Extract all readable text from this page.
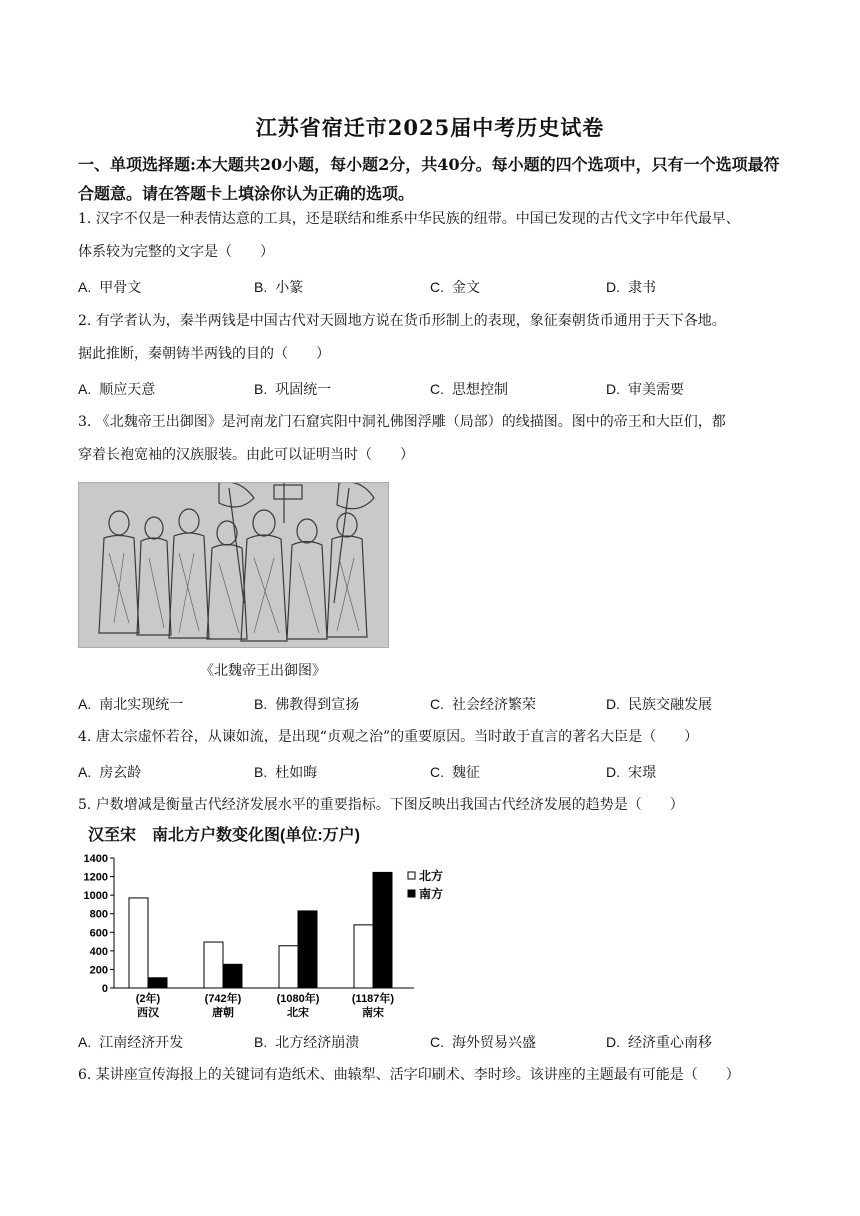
江苏省宿迁市2025届中考历史试卷
一、单项选择题:本大题共20小题，每小题2分，共40分。每小题的四个选项中，只有一个选项最符合题意。请在答题卡上填涂你认为正确的选项。
1. 汉字不仅是一种表情达意的工具，还是联结和维系中华民族的纽带。中国已发现的古代文字中年代最早、
体系较为完整的文字是（　　）
A. 甲骨文	B. 小篆	C. 金文	D. 隶书
2. 有学者认为，秦半两钱是中国古代对天圆地方说在货币形制上的表现，象征秦朝货币通用于天下各地。
据此推断，秦朝铸半两钱的目的（　　）
A. 顺应天意	B. 巩固统一	C. 思想控制	D. 审美需要
3. 《北魏帝王出御图》是河南龙门石窟宾阳中洞礼佛图浮雕（局部）的线描图。图中的帝王和大臣们，都
穿着长袍宽袖的汉族服装。由此可以证明当时（　　）
《北魏帝王出御图》
A. 南北实现统一	B. 佛教得到宣扬	C. 社会经济繁荣	D. 民族交融发展
4. 唐太宗虚怀若谷，从谏如流，是出现“贞观之治”的重要原因。当时敢于直言的著名大臣是（　　）
A. 房玄龄	B. 杜如晦	C. 魏征	D. 宋璟
5. 户数增减是衡量古代经济发展水平的重要指标。下图反映出我国古代经济发展的趋势是（　　）
汉至宋　南北方户数变化图(单位:万户)
0
200
400
600
800
1000
1200
1400
(2年)
西汉
(742年)
唐朝
(1080年)
北宋
(1187年)
南宋
北方
南方
A. 江南经济开发	B. 北方经济崩溃	C. 海外贸易兴盛	D. 经济重心南移
6. 某讲座宣传海报上的关键词有造纸术、曲辕犁、活字印刷术、李时珍。该讲座的主题最有可能是（　　）
